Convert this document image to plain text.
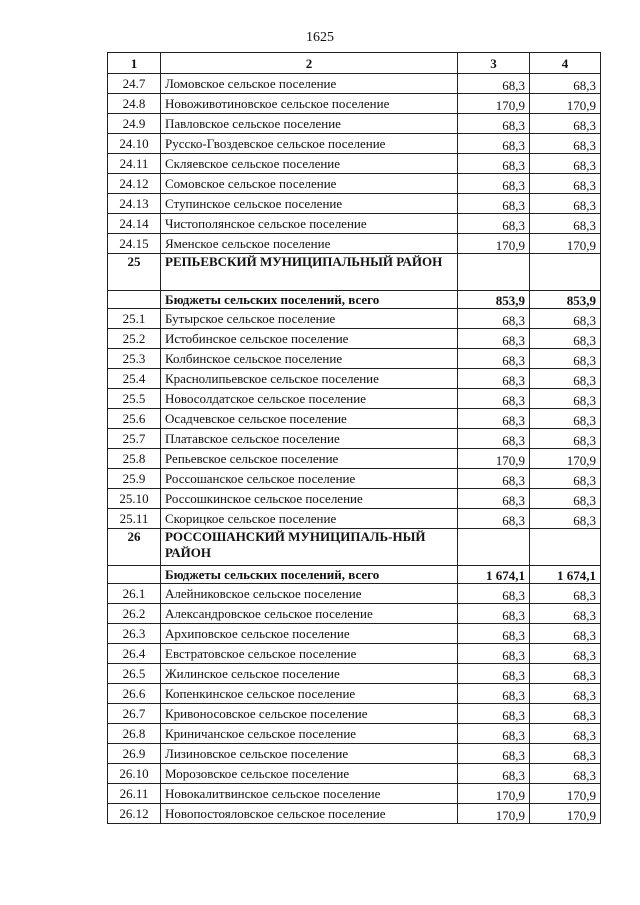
1625
1	2	3	4
24.7	Ломовское сельское поселение	68,3	68,3
24.8	Новоживотиновское сельское поселение	170,9	170,9
24.9	Павловское сельское поселение	68,3	68,3
24.10	Русско-Гвоздевское сельское поселение	68,3	68,3
24.11	Скляевское сельское поселение	68,3	68,3
24.12	Сомовское сельское поселение	68,3	68,3
24.13	Ступинское сельское поселение	68,3	68,3
24.14	Чистополянское сельское поселение	68,3	68,3
24.15	Яменское сельское поселение	170,9	170,9
25	РЕПЬЕВСКИЙ МУНИЦИПАЛЬНЫЙ РАЙОН		
	Бюджеты сельских поселений, всего	853,9	853,9
25.1	Бутырское сельское поселение	68,3	68,3
25.2	Истобинское сельское поселение	68,3	68,3
25.3	Колбинское сельское поселение	68,3	68,3
25.4	Краснолипьевское сельское поселение	68,3	68,3
25.5	Новосолдатское сельское поселение	68,3	68,3
25.6	Осадчевское сельское поселение	68,3	68,3
25.7	Платавское сельское поселение	68,3	68,3
25.8	Репьевское сельское поселение	170,9	170,9
25.9	Россошанское сельское поселение	68,3	68,3
25.10	Россошкинское сельское поселение	68,3	68,3
25.11	Скорицкое сельское поселение	68,3	68,3
26	РОССОШАНСКИЙ МУНИЦИПАЛЬ-НЫЙ РАЙОН		
	Бюджеты сельских поселений, всего	1 674,1	1 674,1
26.1	Алейниковское сельское поселение	68,3	68,3
26.2	Александровское сельское поселение	68,3	68,3
26.3	Архиповское сельское поселение	68,3	68,3
26.4	Евстратовское сельское поселение	68,3	68,3
26.5	Жилинское сельское поселение	68,3	68,3
26.6	Копенкинское сельское поселение	68,3	68,3
26.7	Кривоносовское сельское поселение	68,3	68,3
26.8	Криничанское сельское поселение	68,3	68,3
26.9	Лизиновское сельское поселение	68,3	68,3
26.10	Морозовское сельское поселение	68,3	68,3
26.11	Новокалитвинское сельское поселение	170,9	170,9
26.12	Новопостояловское сельское поселение	170,9	170,9
